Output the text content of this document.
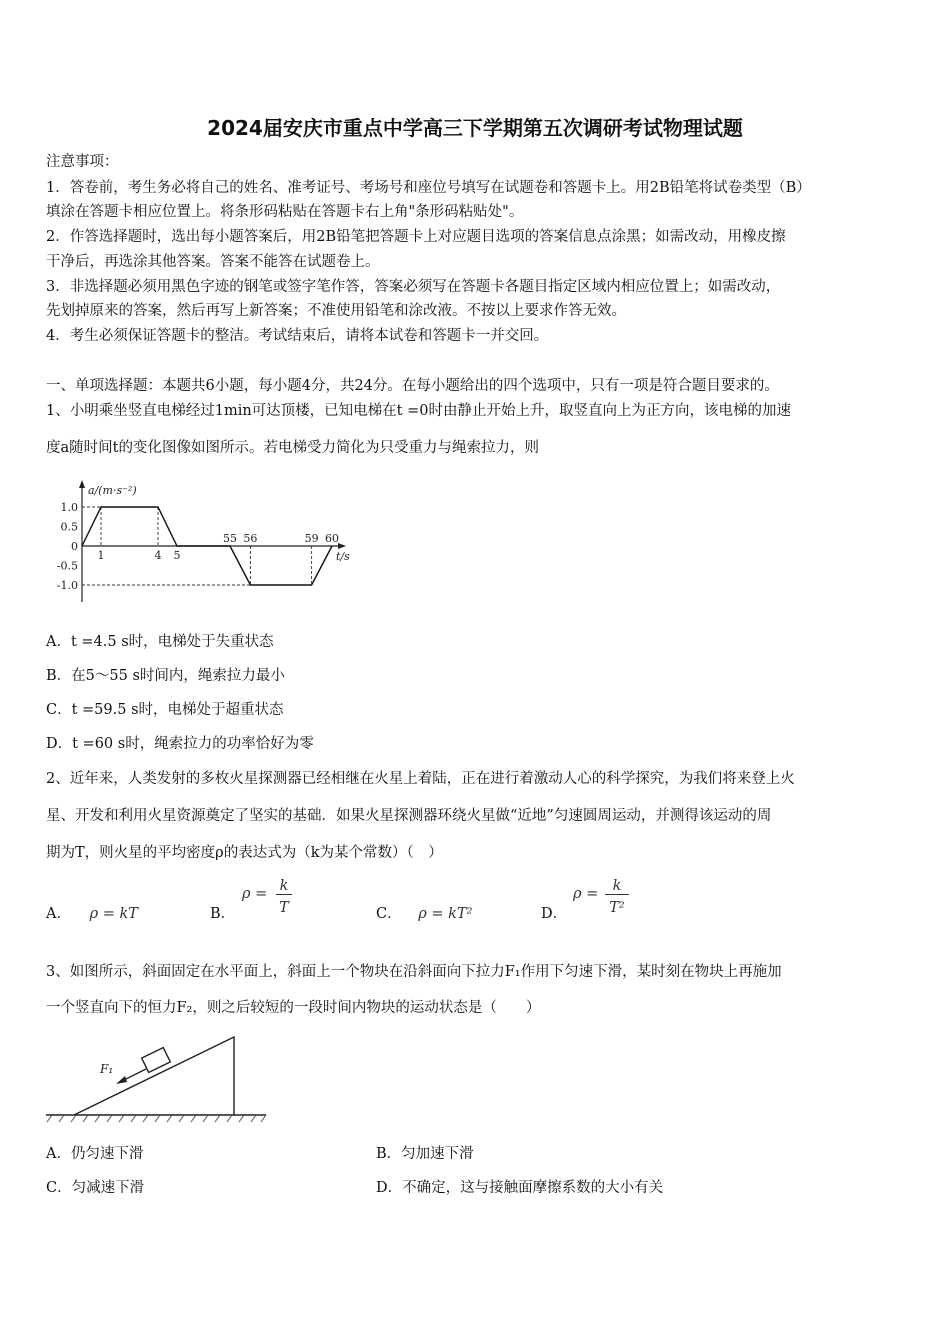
2024届安庆市重点中学高三下学期第五次调研考试物理试题
注意事项：
1．答卷前，考生务必将自己的姓名、准考证号、考场号和座位号填写在试题卷和答题卡上。用2B铅笔将试卷类型（B）
填涂在答题卡相应位置上。将条形码粘贴在答题卡右上角"条形码粘贴处"。
2．作答选择题时，选出每小题答案后，用2B铅笔把答题卡上对应题目选项的答案信息点涂黑；如需改动，用橡皮擦
干净后，再选涂其他答案。答案不能答在试题卷上。
3．非选择题必须用黑色字迹的钢笔或签字笔作答，答案必须写在答题卡各题目指定区域内相应位置上；如需改动，
先划掉原来的答案，然后再写上新答案；不准使用铅笔和涂改液。不按以上要求作答无效。
4．考生必须保证答题卡的整洁。考试结束后，请将本试卷和答题卡一并交回。
一、单项选择题：本题共6小题，每小题4分，共24分。在每小题给出的四个选项中，只有一项是符合题目要求的。
1、小明乘坐竖直电梯经过1min可达顶楼，已知电梯在t =0时由静止开始上升，取竖直向上为正方向，该电梯的加速
度a随时间t的变化图像如图所示。若电梯受力简化为只受重力与绳索拉力，则
a/(m·s⁻²)
t/s
1.0
0.5
0
-0.5
-1.0
1	4 5
55 56	59 60
A．t =4.5 s时，电梯处于失重状态
B．在5～55 s时间内，绳索拉力最小
C．t =59.5 s时，电梯处于超重状态
D．t =60 s时，绳索拉力的功率恰好为零
2、近年来，人类发射的多枚火星探测器已经相继在火星上着陆，正在进行着激动人心的科学探究，为我们将来登上火
星、开发和利用火星资源奠定了坚实的基础．如果火星探测器环绕火星做“近地”匀速圆周运动，并测得该运动的周
期为T，则火星的平均密度ρ的表达式为（k为某个常数）（　）
A． ρ = kT	B．
ρ = k
T	C． ρ = kT²	D．
ρ = k
T²
3、如图所示，斜面固定在水平面上，斜面上一个物块在沿斜面向下拉力F₁作用下匀速下滑，某时刻在物块上再施加
一个竖直向下的恒力F₂，则之后较短的一段时间内物块的运动状态是（　　）
F₁
A．仍匀速下滑	B．匀加速下滑
C．匀减速下滑	D．不确定，这与接触面摩擦系数的大小有关
